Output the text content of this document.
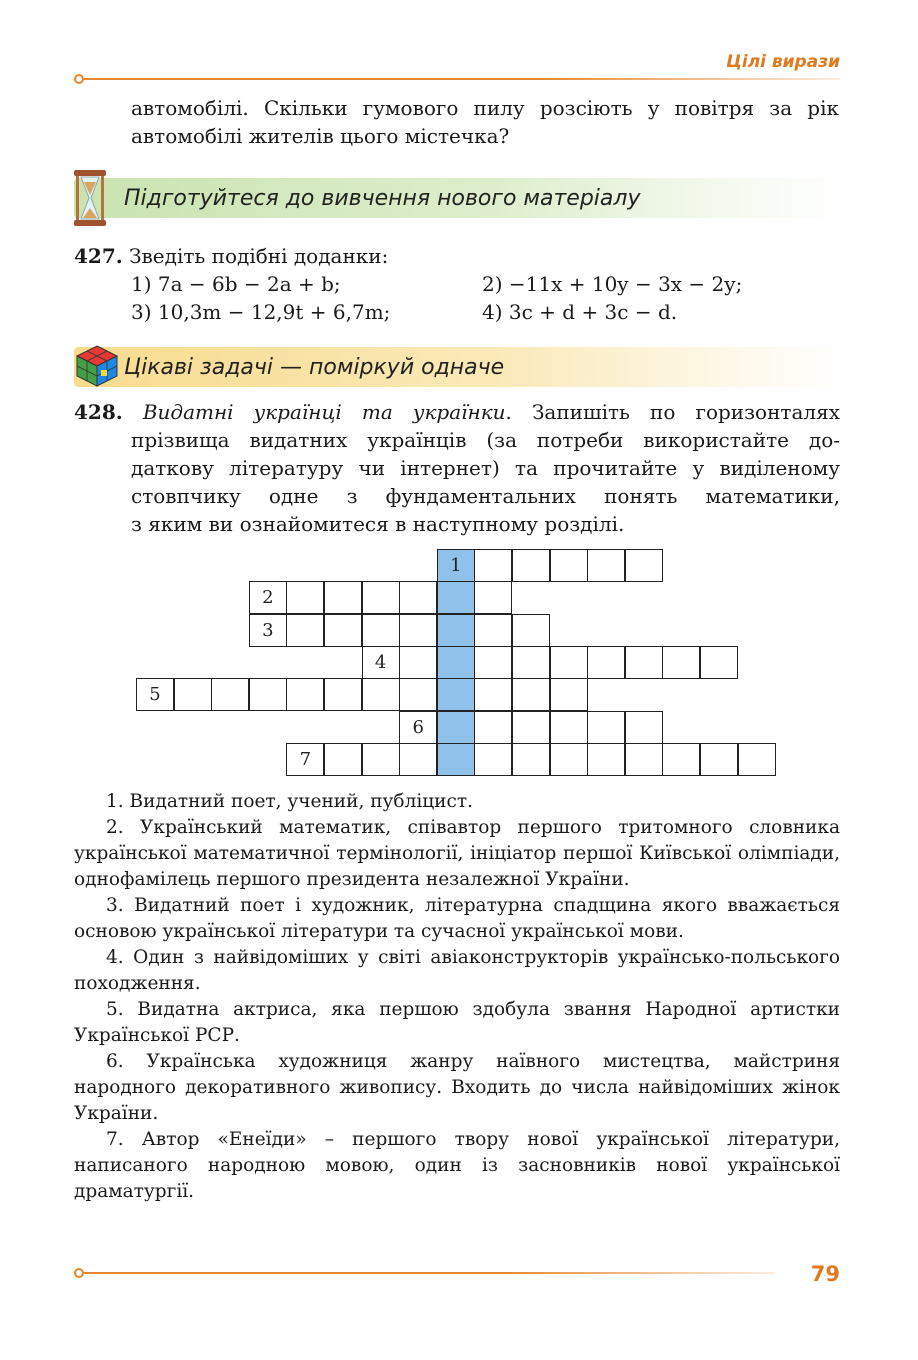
Цілі вирази
автомобілі. Скільки гумового пилу розсіють у повітря за рік
автомобілі жителів цього містечка?
Підготуйтеся до вивчення нового матеріалу
427. Зведіть подібні доданки:
1) 7a − 6b − 2a + b;	2) −11x + 10y − 3x − 2y;
3) 10,3m − 12,9t + 6,7m;	4) 3c + d + 3c − d.
Цікаві задачі — поміркуй одначе
428. Видатні українці та українки. Запишіть по горизонталях
прізвища видатних українців (за потреби використайте до-
даткову літературу чи інтернет) та прочитайте у виділеному
стовпчику одне з фундаментальних понять математики,
з яким ви ознайомитеся в наступному розділі.
1
2
3
4
5
6
7

1. Видатний поет, учений, публіцист.

2. Український математик, співавтор першого тритомного словника української математичної термінології, ініціатор першої Київської олімпіади, однофамілець першого президента незалежної України.

3. Видатний поет і художник, літературна спадщина якого вважається основою української літератури та сучасної української мови.

4. Один з найвідоміших у світі авіаконструкторів українсько-польського походження.

5. Видатна актриса, яка першою здобула звання Народної артистки Української РСР.

6. Українська художниця жанру наївного мистецтва, майстриня народного декоративного живопису. Входить до числа найвідоміших жінок України.

7. Автор «Енеїди» – першого твору нової української літератури, написаного народною мовою, один із засновників нової української драматургії.

79
